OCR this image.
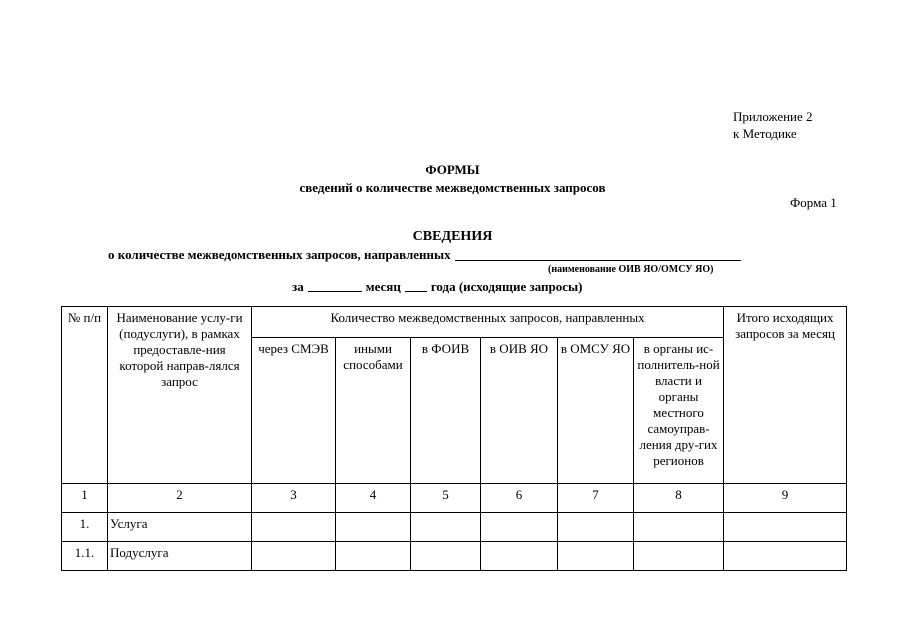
Приложение 2
к Методике
ФОРМЫ
сведений о количестве межведомственных запросов
Форма 1
СВЕДЕНИЯ
о количестве межведомственных запросов, направленных
(наименование ОИВ ЯО/ОМСУ ЯО)
за	месяц года (исходящие запросы)
№ п/п	Наименование услу-ги (подуслуги), в рамках предоставле-ния которой направ-лялся запрос	Количество межведомственных запросов, направленных						Итого исходящих запросов за месяц
		через СМЭВ	иными способами	в ФОИВ	в ОИВ ЯО	в ОМСУ ЯО	в органы ис-полнитель-ной власти и органы местного самоуправ-ления дру-гих регионов	
1	2	3	4	5	6	7	8	9
1.	Услуга							
1.1.	Подуслуга							
